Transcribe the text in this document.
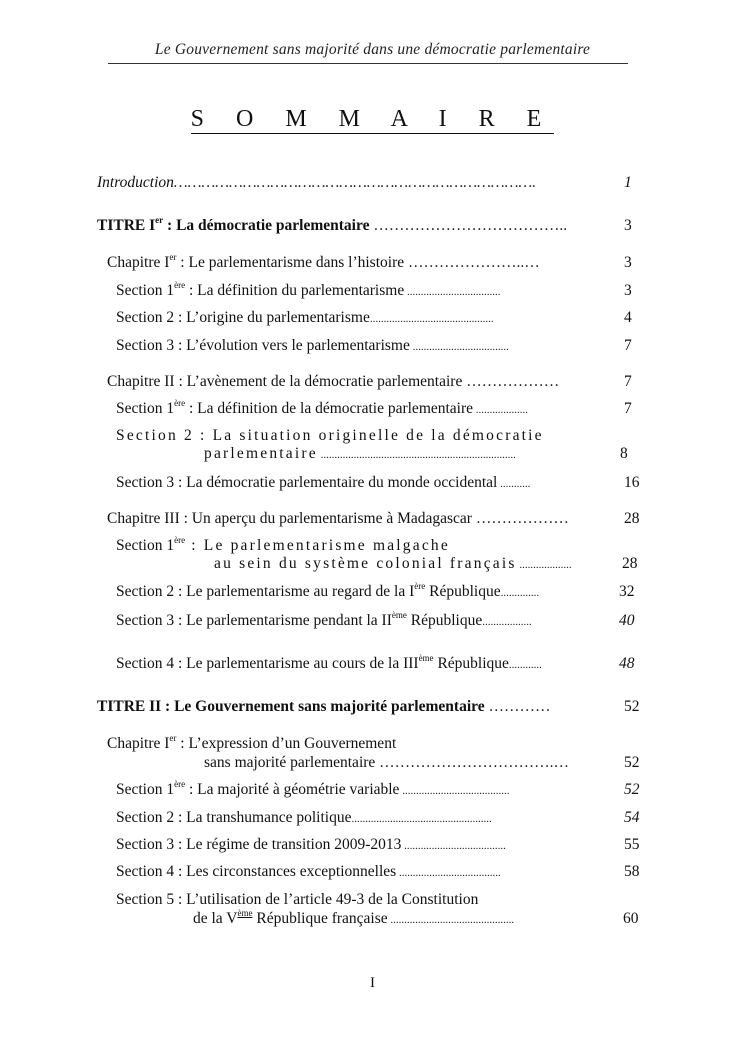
Le Gouvernement sans majorité dans une démocratie parlementaire
S O M M A I R E
Introduction…………………………………………………………………….	1
TITRE Ier : La démocratie parlementaire ………………………………..	3
Chapitre Ier : Le parlementarisme dans l’histoire …………………..…	3
Section 1ère : La définition du parlementarisme ..................................	3
Section 2 : L’origine du parlementarisme.............................................	4
Section 3 : L’évolution vers le parlementarisme ...................................	7
Chapitre II : L’avènement de la démocratie parlementaire ………………	7
Section 1ère : La définition de la démocratie parlementaire ...................	7
Section 2 : La situation originelle de la démocratie
parlementaire .......................................................................	8
Section 3 : La démocratie parlementaire du monde occidental ...........	16
Chapitre III : Un aperçu du parlementarisme à Madagascar ………………	28
Section 1ère : Le parlementarisme malgache
au sein du système colonial français ...................	28
Section 2 : Le parlementarisme au regard de la Ière République..............	32
Section 3 : Le parlementarisme pendant la IIème République..................	40
Section 4 : Le parlementarisme au cours de la IIIème République............	48
TITRE II : Le Gouvernement sans majorité parlementaire …………	52
Chapitre Ier : L’expression d’un Gouvernement
sans majorité parlementaire …………………………….…	52
Section 1ère : La majorité à géométrie variable .......................................	52
Section 2 : La transhumance politique...................................................	54
Section 3 : Le régime de transition 2009-2013 .....................................	55
Section 4 : Les circonstances exceptionnelles .....................................	58
Section 5 : L’utilisation de l’article 49-3 de la Constitution
de la Vème République française .............................................	60
I
